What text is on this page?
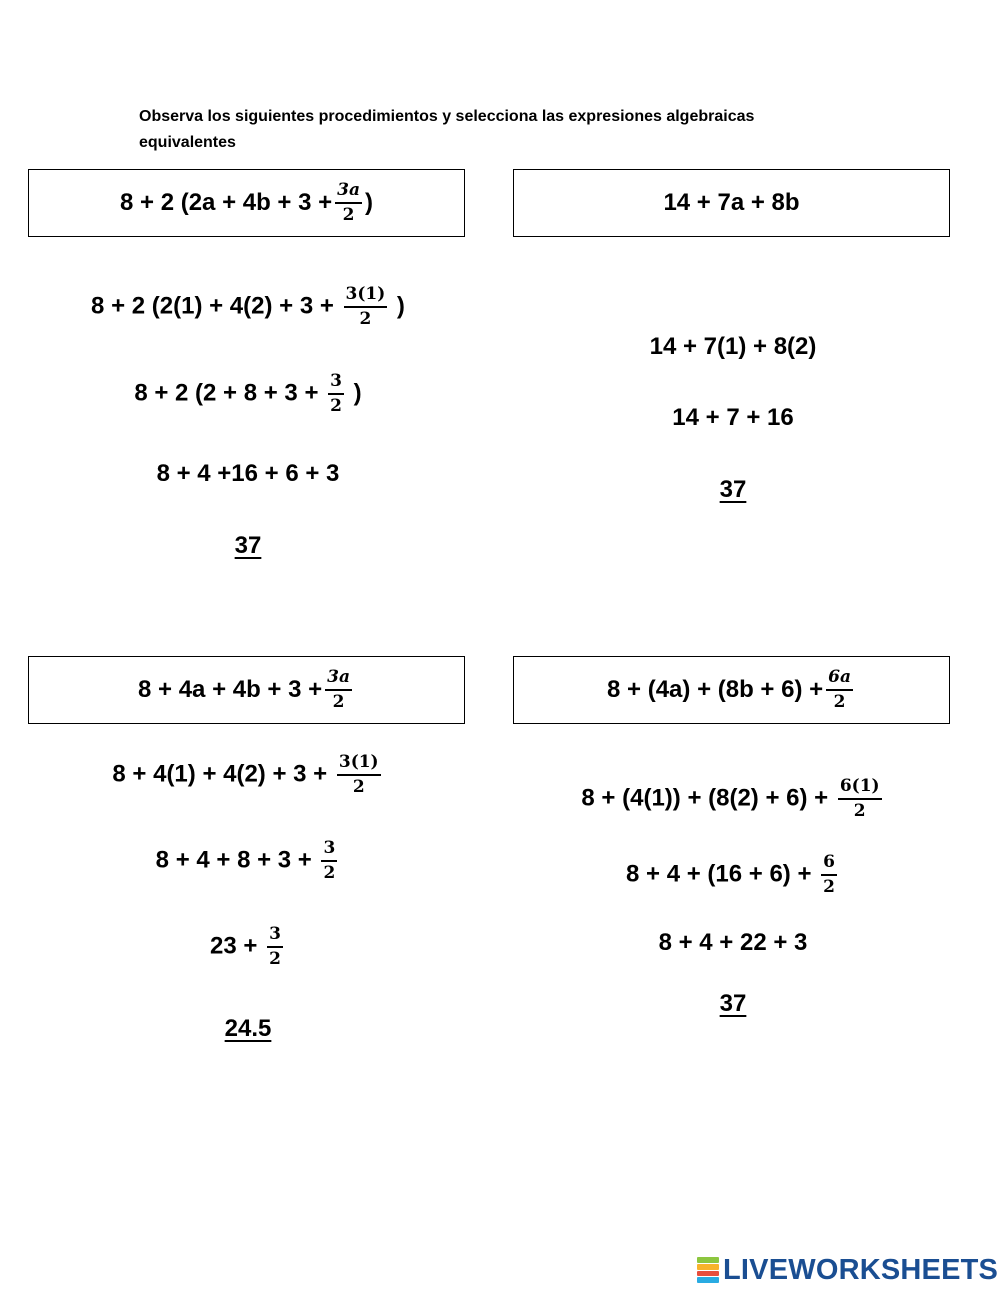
Observa los siguientes procedimientos y selecciona las expresiones algebraicas
equivalentes
8 + 2 ($2a + 4b + 3 + \frac{3a}{2}$ )
8 + 2 ($2(1) + 4(2) + 3 + \frac{3(1)}{2}$ )
8 + 2 ($2 + 8 + 3 + \frac{3}{2}$ )
8 + 4 +16 + 6 + 3
37
14 + 7a + 8b
14 + 7(1) + 8(2)
14 + 7 + 16
37
$8 + 4a + 4b + 3 + \frac{3a}{2}$
$8 + 4(1) + 4(2) + 3 + \frac{3(1)}{2}$
$8 + 4 + 8 + 3 + \frac{3}{2}$
$23 + \frac{3}{2}$
24.5
$8 + (4a) + (8b + 6) + \frac{6a}{2}$
$8 + (4(1)) + (8(2) + 6) + \frac{6(1)}{2}$
$8 + 4 + (16 + 6) + \frac{6}{2}$
8 + 4 + 22 + 3
37
LIVEWORKSHEETS
